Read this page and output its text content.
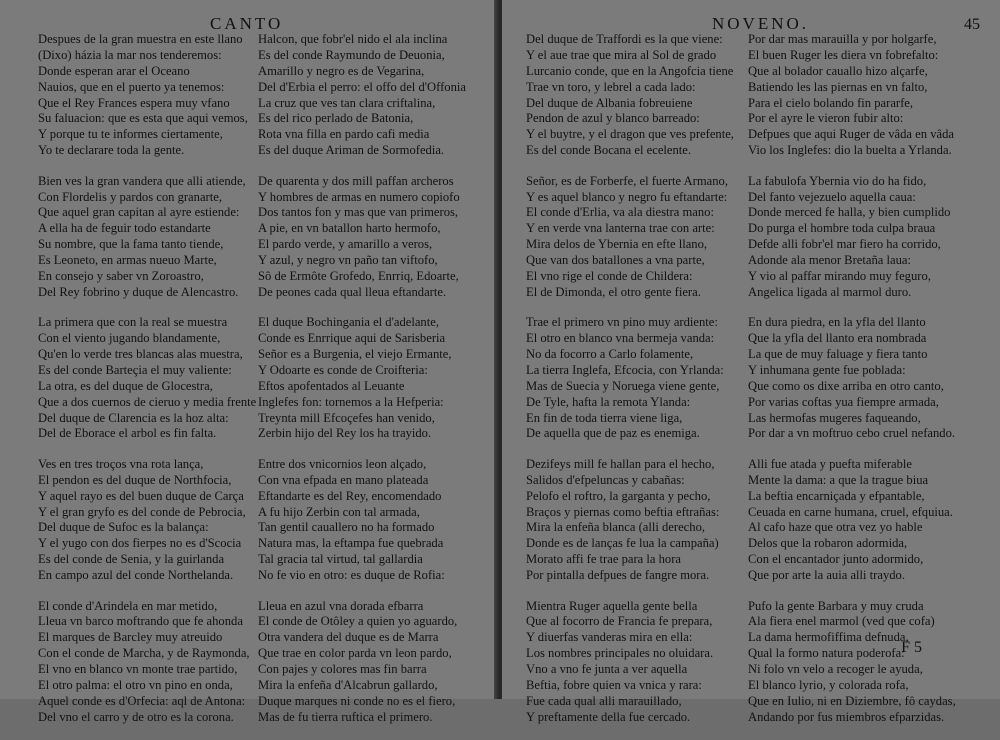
CANTO
Despues de la gran muestra en este llano
(Dixo) házia la mar nos tenderemos:
Donde esperan arar el Oceano
Nauios, que en el puerto ya tenemos:
Que el Rey Frances espera muy vfano
Su faluacion: que es esta que aqui vemos,
Y porque tu te informes ciertamente,
Yo te declarare toda la gente.
Bien ves la gran vandera que alli atiende,
Con Flordelis y pardos con granarte,
Que aquel gran capitan al ayre estiende:
A ella ha de feguir todo estandarte
Su nombre, que la fama tanto tiende,
Es Leoneto, en armas nueuo Marte,
En consejo y saber vn Zoroastro,
Del Rey fobrino y duque de Alencastro.
La primera que con la real se muestra
Con el viento jugando blandamente,
Qu'en lo verde tres blancas alas muestra,
Es del conde Barteçia el muy valiente:
La otra, es del duque de Glocestra,
Que a dos cuernos de cieruo y media frente
Del duque de Clarencia es la hoz alta:
Del de Eborace el arbol es fin falta.
Ves en tres troços vna rota lança,
El pendon es del duque de Northfocia,
Y aquel rayo es del buen duque de Carça
Y el gran gryfo es del conde de Pebrocia,
Del duque de Sufoc es la balança:
Y el yugo con dos fierpes no es d'Scocia
Es del conde de Senia, y la guirlanda
En campo azul del conde Northelanda.
El conde d'Arindela en mar metido,
Lleua vn barco moftrando que fe ahonda
El marques de Barcley muy atreuido
Con el conde de Marcha, y de Raymonda,
El vno en blanco vn monte trae partido,
El otro palma: el otro vn pino en onda,
Aquel conde es d'Orfecia: aql de Antona:
Del vno el carro y de otro es la corona.
Halcon, que fobr'el nido el ala inclina
Es del conde Raymundo de Deuonia,
Amarillo y negro es de Vegarina,
Del d'Erbia el perro: el offo del d'Offonia
La cruz que ves tan clara criftalina,
Es del rico perlado de Batonia,
Rota vna filla en pardo cafi media
Es del duque Ariman de Sormofedia.
De quarenta y dos mill paffan archeros
Y hombres de armas en numero copiofo
Dos tantos fon y mas que van primeros,
A pie, en vn batallon harto hermofo,
El pardo verde, y amarillo a veros,
Y azul, y negro vn paño tan viftofo,
Sô de Ermôte Grofedo, Enrriq, Edoarte,
De peones cada qual lleua eftandarte.
El duque Bochingania el d'adelante,
Conde es Enrrique aqui de Sarisberia
Señor es a Burgenia, el viejo Ermante,
Y Odoarte es conde de Croifteria:
Eftos apofentados al Leuante
Inglefes fon: tornemos a la Hefperia:
Treynta mill Efcoçefes han venido,
Zerbin hijo del Rey los ha trayido.
Entre dos vnicornios leon alçado,
Con vna efpada en mano plateada
Eftandarte es del Rey, encomendado
A fu hijo Zerbin con tal armada,
Tan gentil cauallero no ha formado
Natura mas, la eftampa fue quebrada
Tal gracia tal virtud, tal gallardia
No fe vio en otro: es duque de Rofia:
Lleua en azul vna dorada efbarra
El conde de Otôley a quien yo aguardo,
Otra vandera del duque es de Marra
Que trae en color parda vn leon pardo,
Con pajes y colores mas fin barra
Mira la enfeña d'Alcabrun gallardo,
Duque marques ni conde no es el fiero,
Mas de fu tierra ruftica el primero.
NOVENO.	45
Del duque de Traffordi es la que viene:
Y el aue trae que mira al Sol de grado
Lurcanio conde, que en la Angofcia tiene
Trae vn toro, y lebrel a cada lado:
Del duque de Albania fobreuiene
Pendon de azul y blanco barreado:
Y el buytre, y el dragon que ves prefente,
Es del conde Bocana el ecelente.
Señor, es de Forberfe, el fuerte Armano,
Y es aquel blanco y negro fu eftandarte:
El conde d'Erlia, va ala diestra mano:
Y en verde vna lanterna trae con arte:
Mira delos de Ybernia en efte llano,
Que van dos batallones a vna parte,
El vno rige el conde de Childera:
El de Dimonda, el otro gente fiera.
Trae el primero vn pino muy ardiente:
El otro en blanco vna bermeja vanda:
No da focorro a Carlo folamente,
La tierra Inglefa, Efcocia, con Yrlanda:
Mas de Suecia y Noruega viene gente,
De Tyle, hafta la remota Ylanda:
En fin de toda tierra viene liga,
De aquella que de paz es enemiga.
Dezifeys mill fe hallan para el hecho,
Salidos d'efpeluncas y cabañas:
Pelofo el roftro, la garganta y pecho,
Braços y piernas como beftia eftrañas:
Mira la enfeña blanca (alli derecho,
Donde es de lanças fe lua la campaña)
Morato affi fe trae para la hora
Por pintalla defpues de fangre mora.
Mientra Ruger aquella gente bella
Que al focorro de Francia fe prepara,
Y diuerfas vanderas mira en ella:
Los nombres principales no oluidara.
Vno a vno fe junta a ver aquella
Beftia, fobre quien va vnica y rara:
Fue cada qual alli marauillado,
Y preftamente della fue cercado.
Por dar mas marauilla y por holgarfe,
El buen Ruger les diera vn fobrefalto:
Que al bolador cauallo hizo alçarfe,
Batiendo les las piernas en vn falto,
Para el cielo bolando fin pararfe,
Por el ayre le vieron fubir alto:
Defpues que aqui Ruger de vâda en vâda
Vio los Inglefes: dio la buelta a Yrlanda.
La fabulofa Ybernia vio do ha fido,
Del fanto vejezuelo aquella caua:
Donde merced fe halla, y bien cumplido
Do purga el hombre toda culpa braua
Defde alli fobr'el mar fiero ha corrido,
Adonde ala menor Bretaña laua:
Y vio al paffar mirando muy feguro,
Angelica ligada al marmol duro.
En dura piedra, en la yfla del llanto
Que la yfla del llanto era nombrada
La que de muy faluage y fiera tanto
Y inhumana gente fue poblada:
Que como os dixe arriba en otro canto,
Por varias coftas yua fiempre armada,
Las hermofas mugeres faqueando,
Por dar a vn moftruo cebo cruel nefando.
Alli fue atada y puefta miferable
Mente la dama: a que la trague biua
La beftia encarniçada y efpantable,
Ceuada en carne humana, cruel, efquiua.
Al cafo haze que otra vez yo hable
Delos que la robaron adormida,
Con el encantador junto adormido,
Que por arte la auia alli traydo.
Pufo la gente Barbara y muy cruda
Ala fiera enel marmol (ved que cofa)
La dama hermofiffima defnuda,
Qual la formo natura poderofa:
Ni folo vn velo a recoger le ayuda,
El blanco lyrio, y colorada rofa,
Que en Iulio, ni en Diziembre, fô caydas,
Andando por fus miembros efparzidas.
F 5
